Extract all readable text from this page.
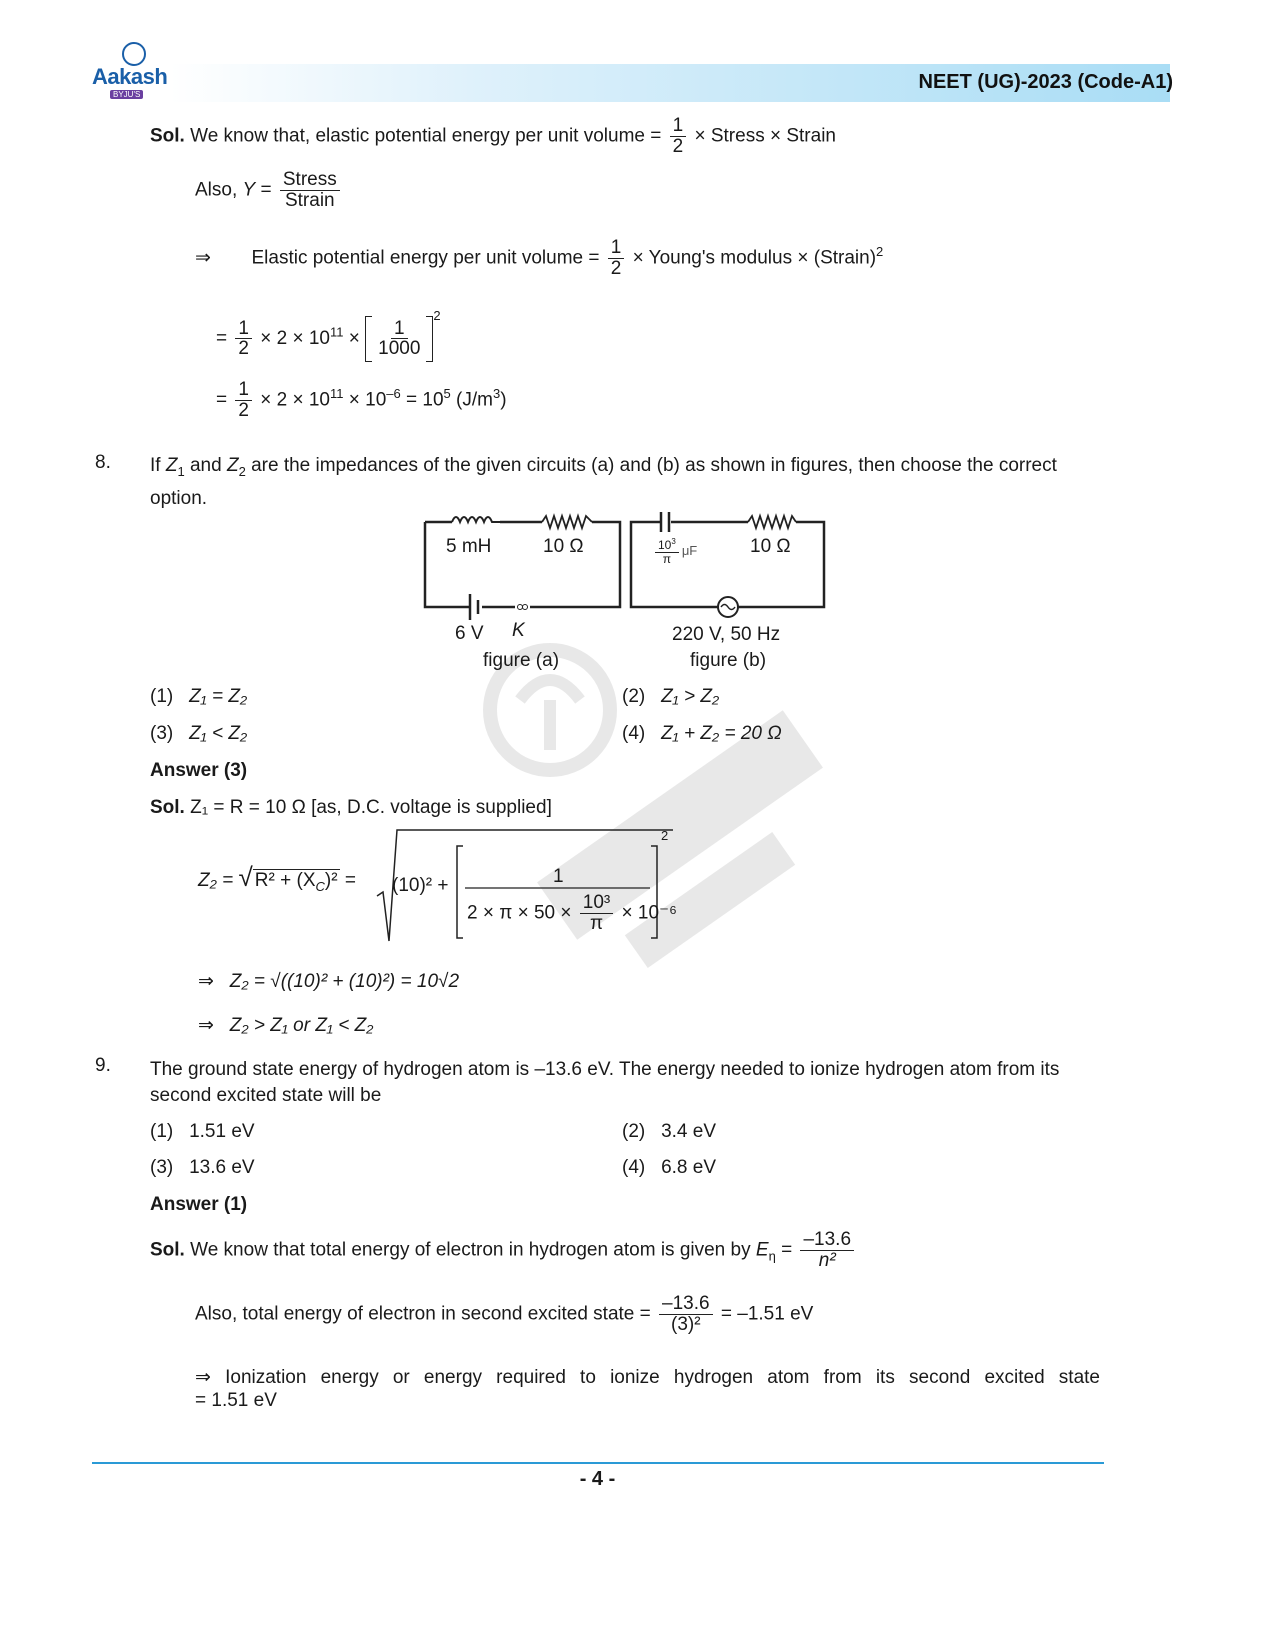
Aakash
BYJU'S
NEET (UG)-2023 (Code-A1)
Sol. We know that, elastic potential energy per unit volume = $\frac{1}{2}$ × Stress × Strain
Also, $Y = \frac{\text{Stress}}{\text{Strain}}$
⇒ Elastic potential energy per unit volume = $\frac{1}{2}$ × Young's modulus × (Strain)$^2$
= $\frac{1}{2} \times 2 \times 10^{11} \times \frac{1}{1000}$
$^2$
= $\frac{1}{2} \times 2 \times 10^{11} \times 10^{-6} = 10^5$ $(J/m^3)$
8. If $Z_1$ and $Z_2$ are the impedances of the given circuits (a) and (b) as shown in figures, then choose the correct option.
5 mH	10 Ω
6 V K
figure (a)
$\frac{10^3}{\pi}$ μF	10 Ω
220 V, 50 Hz
figure (b)
(1) Z₁ = Z₂	(2) Z₁ > Z₂
(3) Z₁ < Z₂	(4) Z₁ + Z₂ = 20 Ω
Answer (3)
Sol. Z₁ = R = 10 Ω [as, D.C. voltage is supplied]
Z₂ = √ $R^2 + (X_C)^2 = (10)^2$ +	1
$2 \times \pi \times 50 \times \frac{\text{10³}}{\pi} \times 10^{-6}$
2
⇒ Z₂ = √((10)² + (10)²) = 10√2
⇒ Z₂ > Z₁ or Z₁ < Z₂
9. The ground state energy of hydrogen atom is –13.6 eV. The energy needed to ionize hydrogen atom from its second excited state will be
(1) 1.51 eV	(2) 3.4 eV
(3) 13.6 eV	(4) 6.8 eV
Answer (1)
Sol. We know that total energy of electron in hydrogen atom is given by $E_\eta = \frac{-13.6}{\text{n²}}$
Also, total energy of electron in second excited state = $\frac{-13.6}{\text{(3)²}} = -1.51$ eV
⇒ Ionization energy or energy required to ionize hydrogen atom from its second excited state
= 1.51 eV
- 4 -
